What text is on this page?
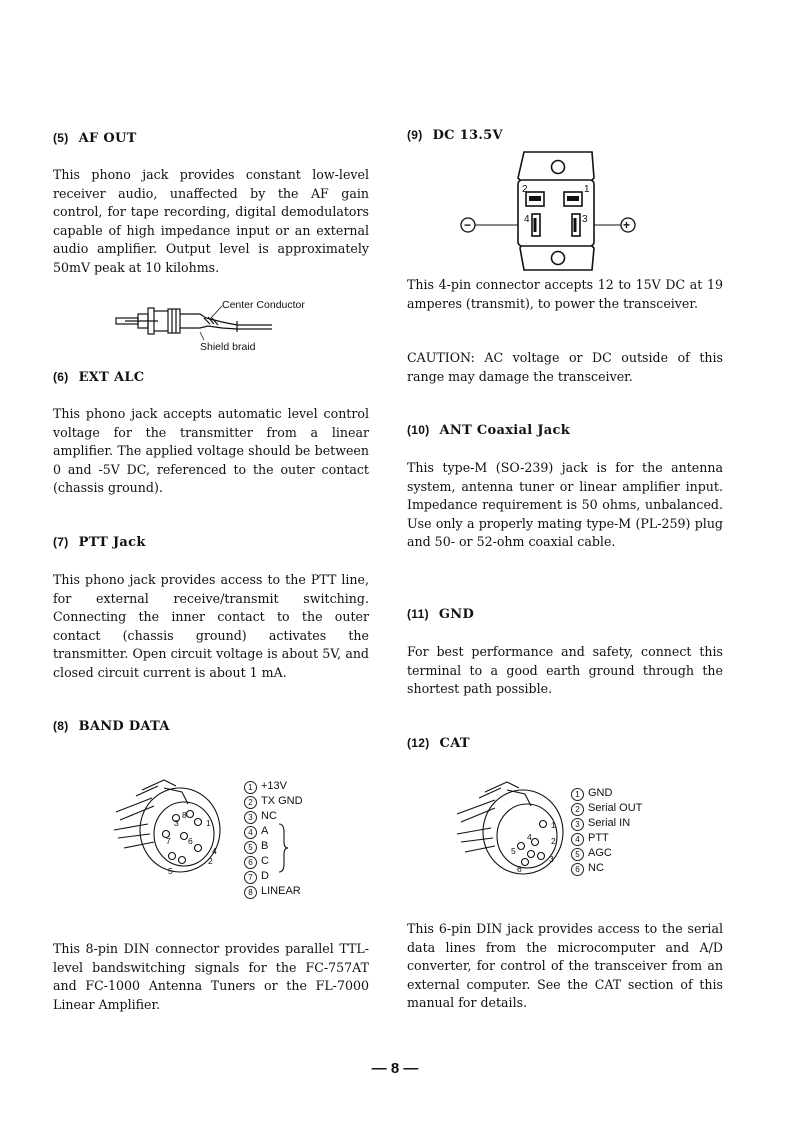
(5) AF OUT

This phono jack provides constant low-level receiver audio, unaffected by the AF gain control, for tape recording, digital demodulators capable of high impedance input or an external audio amplifier. Output level is approximately 50mV peak at 10 kilohms.

Center Conductor
Shield braid
(6) EXT ALC

This phono jack accepts automatic level control voltage for the transmitter from a linear amplifier. The applied voltage should be between 0 and -5V DC, referenced to the outer contact (chassis ground).

(7) PTT Jack

This phono jack provides access to the PTT line, for external receive/transmit switching. Connecting the inner contact to the outer contact (chassis ground) activates the transmitter. Open circuit voltage is about 5V, and closed circuit current is about 1 mA.

(8) BAND DATA
1
2
3
4
5
6
7
8
1 +13V
2 TX GND
3 NC
4 A
5 B
6 C
7 D
8 LINEAR

This 8-pin DIN connector provides parallel TTL-level bandswitching signals for the FC-757AT and FC-1000 Antenna Tuners or the FL-7000 Linear Amplifier.

(9) DC 13.5V
−	+
1
2
3
4

This 4-pin connector accepts 12 to 15V DC at 19 amperes (transmit), to power the transceiver.

CAUTION: AC voltage or DC outside of this range may damage the transceiver.

(10) ANT Coaxial Jack

This type-M (SO-239) jack is for the antenna system, antenna tuner or linear amplifier input. Impedance requirement is 50 ohms, unbalanced. Use only a properly mating type-M (PL-259) plug and 50- or 52-ohm coaxial cable.

(11) GND

For best performance and safety, connect this terminal to a good earth ground through the shortest path possible.

(12) CAT
1
2
3
4
5
6
1 GND
2 Serial OUT
3 Serial IN
4 PTT
5 AGC
6 NC

This 6-pin DIN jack provides access to the serial data lines from the microcomputer and A/D converter, for control of the transceiver from an external computer. See the CAT section of this manual for details.

— 8 —
